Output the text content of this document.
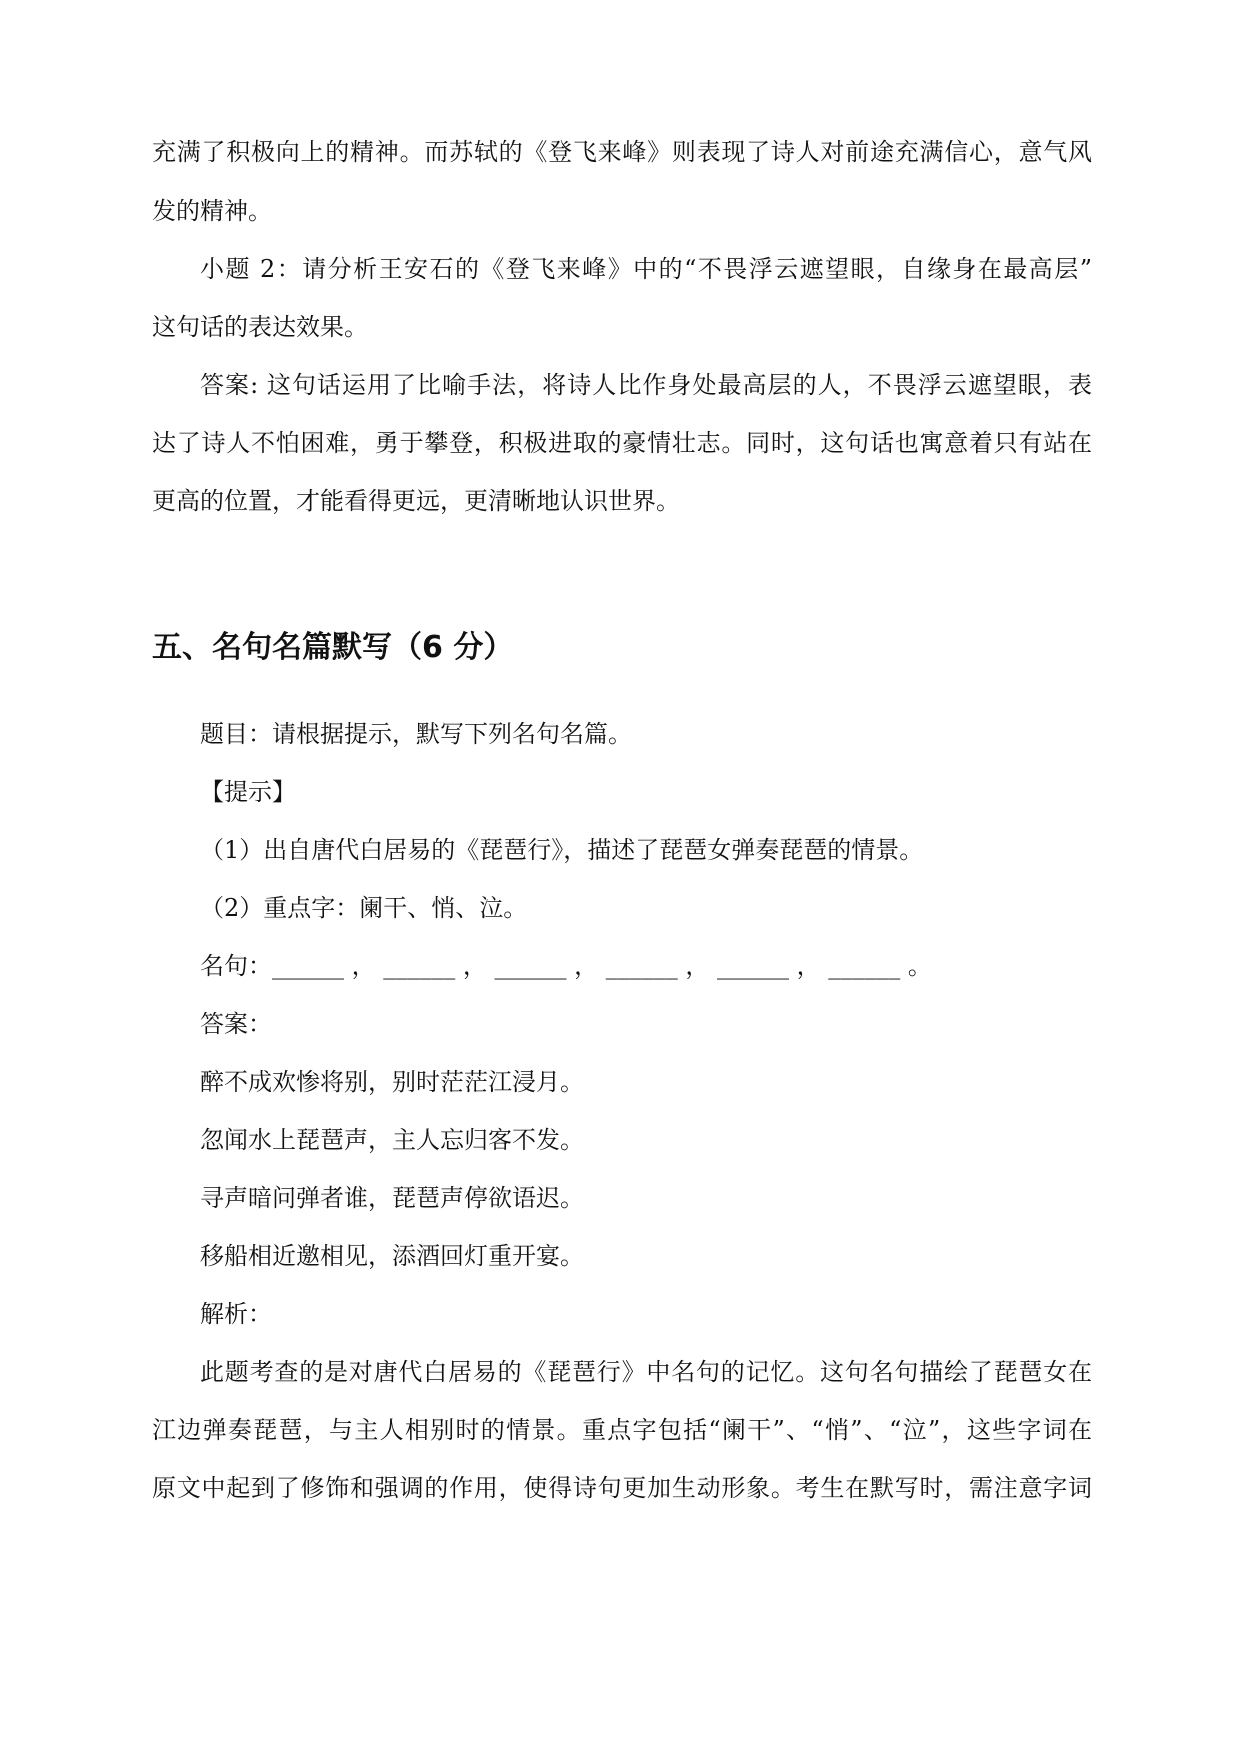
充满了积极向上的精神。而苏轼的《登飞来峰》则表现了诗人对前途充满信心，意气风
发的精神。
小题 2：请分析王安石的《登飞来峰》中的“不畏浮云遮望眼，自缘身在最高层”
这句话的表达效果。
答案: 这句话运用了比喻手法，将诗人比作身处最高层的人，不畏浮云遮望眼，表
达了诗人不怕困难，勇于攀登，积极进取的豪情壮志。同时，这句话也寓意着只有站在
更高的位置，才能看得更远，更清晰地认识世界。
五、名句名篇默写（6 分）
题目：请根据提示，默写下列名句名篇。
【提示】
（1）出自唐代白居易的《琵琶行》，描述了琵琶女弹奏琵琶的情景。
（2）重点字：阑干、悄、泣。
名句：______ ， ______ ， ______ ， ______ ， ______ ， ______ 。
答案：
醉不成欢惨将别，别时茫茫江浸月。
忽闻水上琵琶声，主人忘归客不发。
寻声暗问弹者谁，琵琶声停欲语迟。
移船相近邀相见，添酒回灯重开宴。
解析：
此题考查的是对唐代白居易的《琵琶行》中名句的记忆。这句名句描绘了琵琶女在
江边弹奏琵琶，与主人相别时的情景。重点字包括“阑干”、“悄”、“泣”，这些字词在
原文中起到了修饰和强调的作用，使得诗句更加生动形象。考生在默写时，需注意字词
